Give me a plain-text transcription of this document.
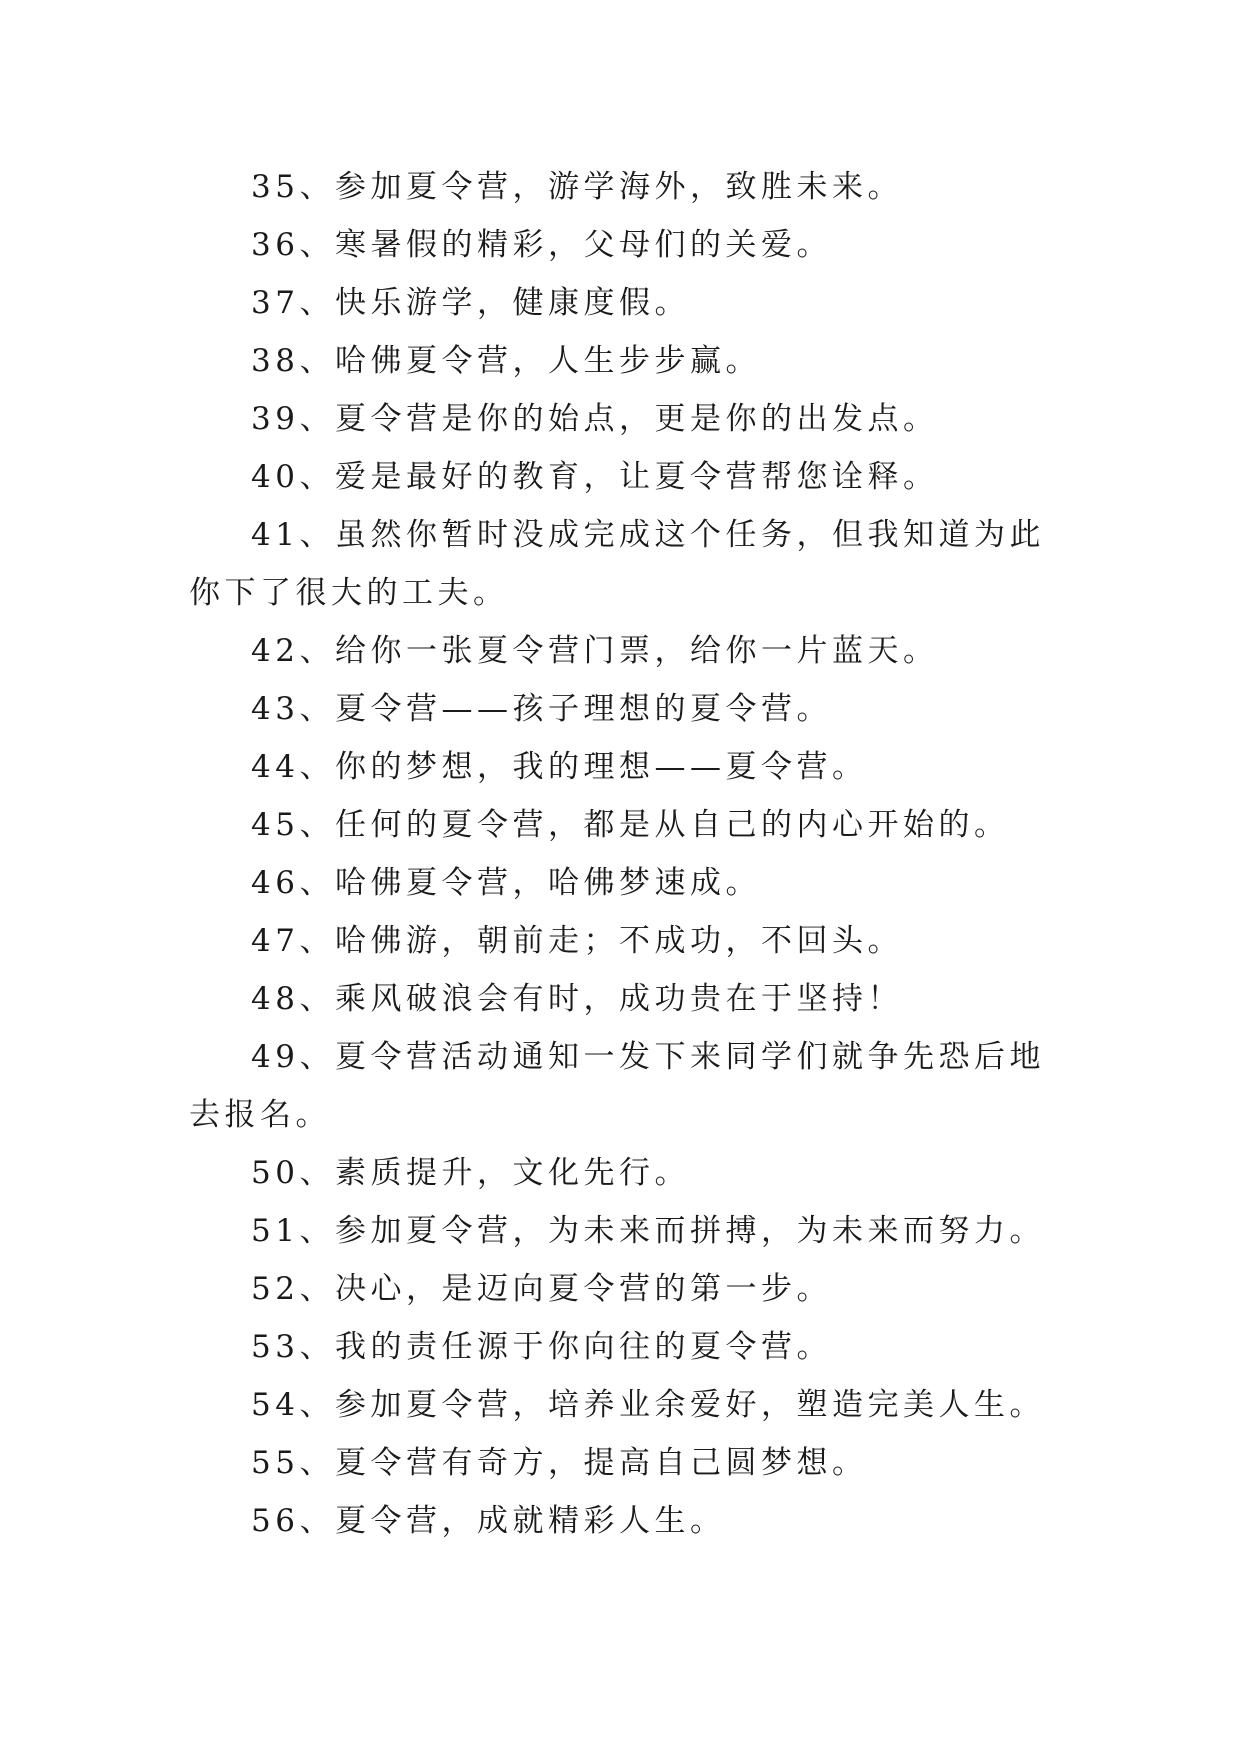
35、参加夏令营，游学海外，致胜未来。

36、寒暑假的精彩，父母们的关爱。

37、快乐游学，健康度假。

38、哈佛夏令营，人生步步赢。

39、夏令营是你的始点，更是你的出发点。

40、爱是最好的教育，让夏令营帮您诠释。

41、虽然你暂时没成完成这个任务，但我知道为此你下了很大的工夫。

42、给你一张夏令营门票，给你一片蓝天。

43、夏令营——孩子理想的夏令营。

44、你的梦想，我的理想——夏令营。

45、任何的夏令营，都是从自己的内心开始的。

46、哈佛夏令营，哈佛梦速成。

47、哈佛游，朝前走；不成功，不回头。

48、乘风破浪会有时，成功贵在于坚持！

49、夏令营活动通知一发下来同学们就争先恐后地去报名。

50、素质提升，文化先行。

51、参加夏令营，为未来而拼搏，为未来而努力。

52、决心，是迈向夏令营的第一步。

53、我的责任源于你向往的夏令营。

54、参加夏令营，培养业余爱好，塑造完美人生。

55、夏令营有奇方，提高自己圆梦想。

56、夏令营，成就精彩人生。
